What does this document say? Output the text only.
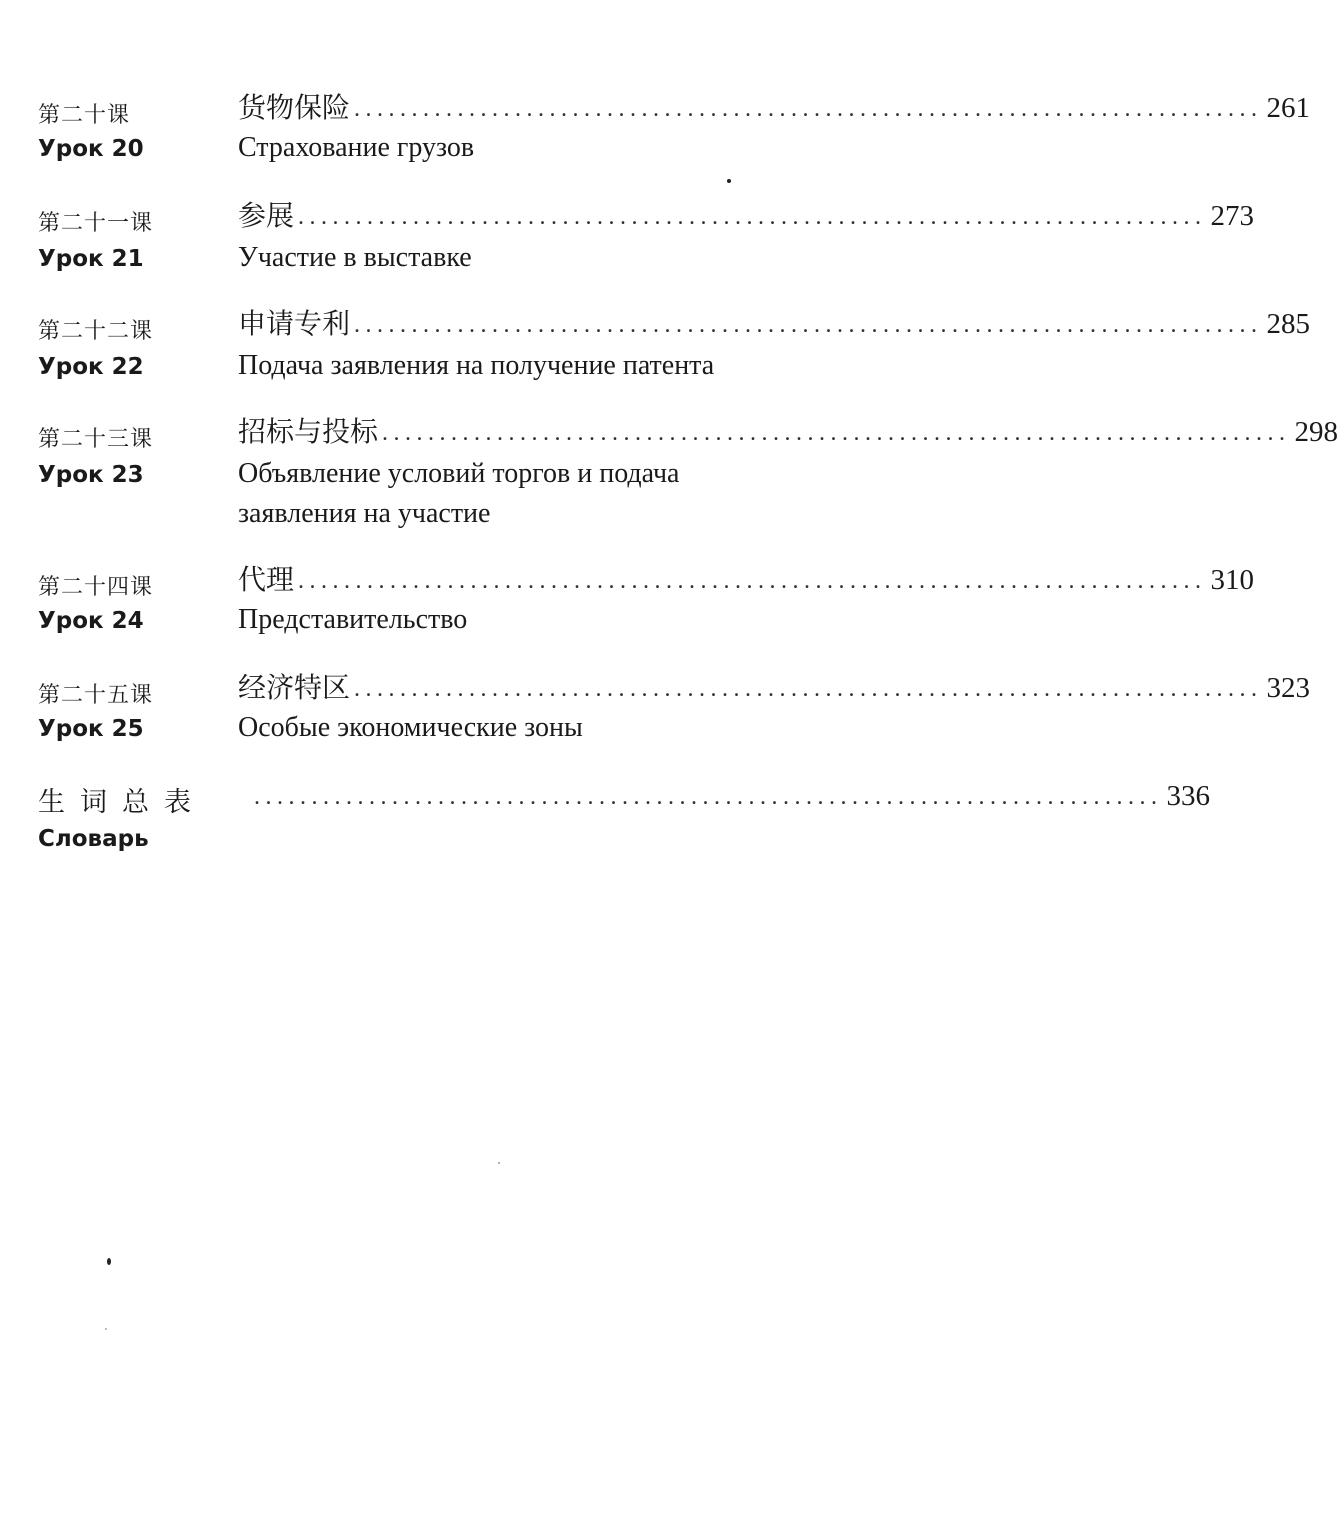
第二十课
Урок 20
货物保险 ............................................................................... 261
Страхование грузов
第二十一课
Урок 21
参展 ............................................................................... 273
Участие в выставке
第二十二课
Урок 22
申请专利 ............................................................................... 285
Подача заявления на получение патента
第二十三课
Урок 23
招标与投标 ............................................................................... 298
Объявление условий торгов и подача заявления на участие
第二十四课
Урок 24
代理 ............................................................................... 310
Представительство
第二十五课
Урок 25
经济特区 ............................................................................... 323
Особые экономические зоны
生词总表
Словарь
............................................................................... 336
